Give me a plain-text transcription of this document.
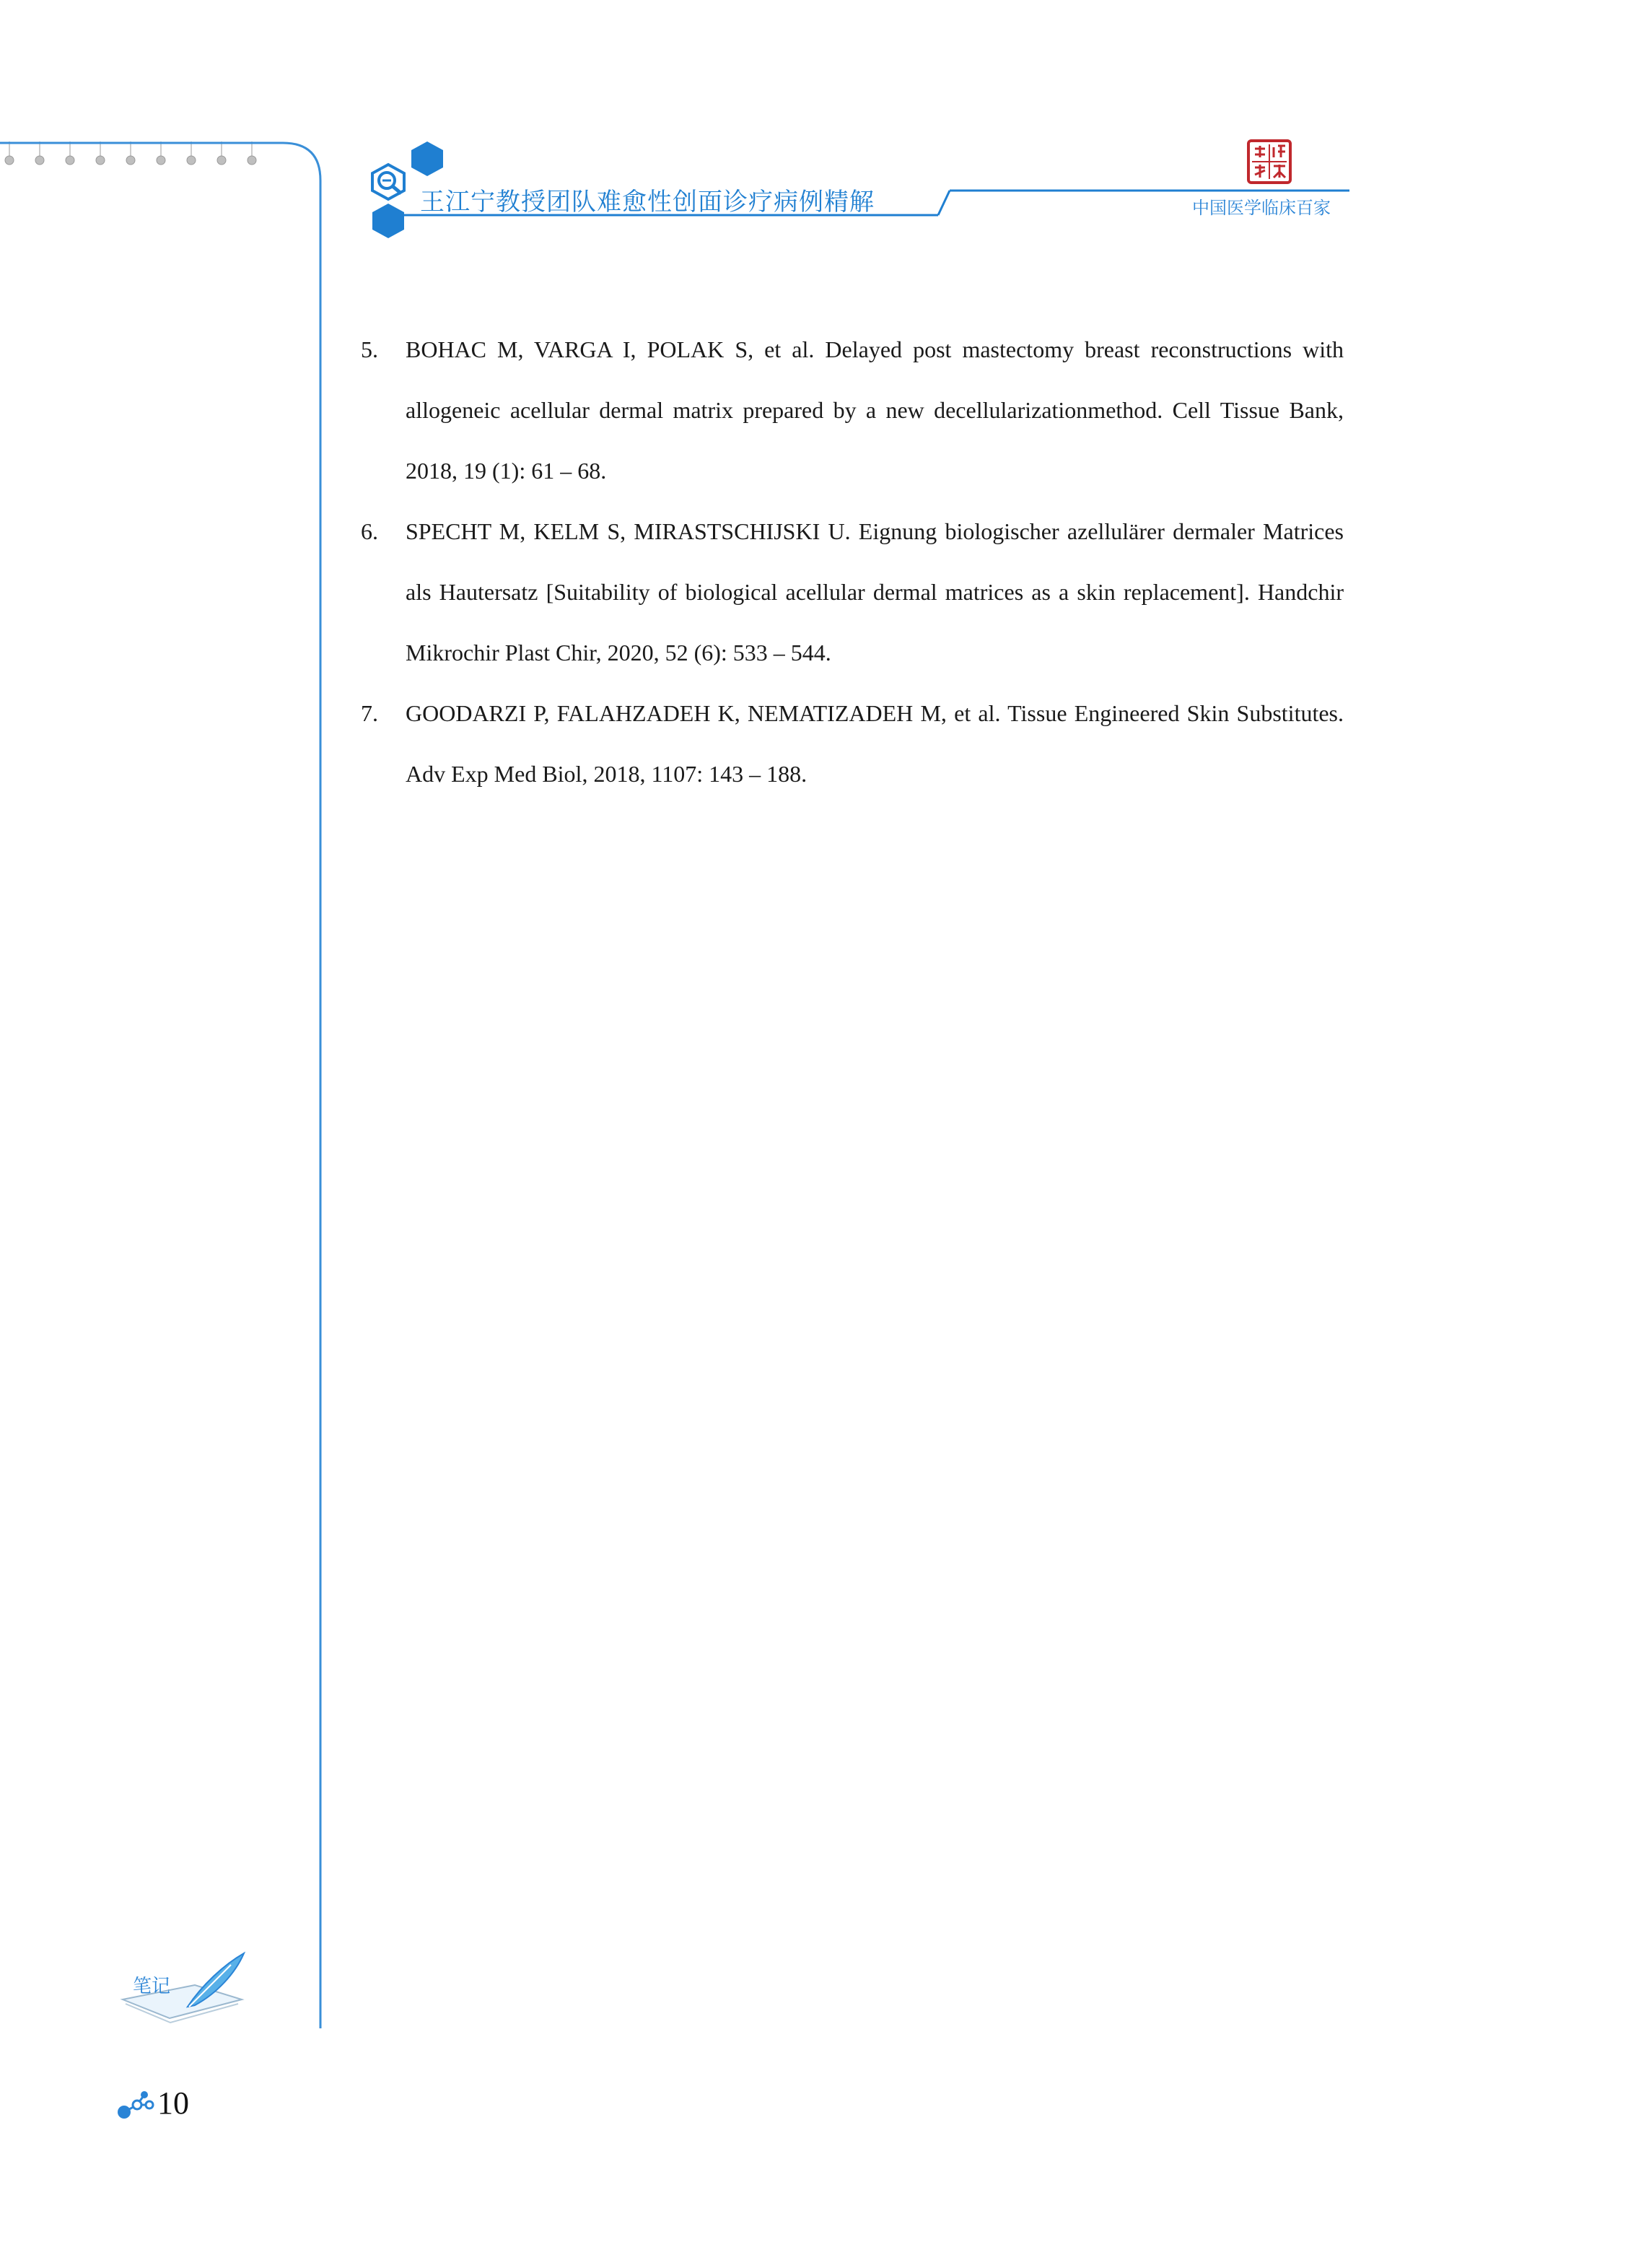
王江宁教授团队难愈性创面诊疗病例精解	中国医学临床百家
5. BOHAC M, VARGA I, POLAK S, et al. Delayed post mastectomy breast reconstructions with allogeneic acellular dermal matrix prepared by a new decellularizationmethod. Cell Tissue Bank, 2018, 19 (1): 61 – 68.
6. SPECHT M, KELM S, MIRASTSCHIJSKI U. Eignung biologischer azellulärer dermaler Matrices als Hautersatz [Suitability of biological acellular dermal matrices as a skin replacement]. Handchir Mikrochir Plast Chir, 2020, 52 (6): 533 – 544.
7. GOODARZI P, FALAHZADEH K, NEMATIZADEH M, et al. Tissue Engineered Skin Substitutes. Adv Exp Med Biol, 2018, 1107: 143 – 188.
笔记
10
